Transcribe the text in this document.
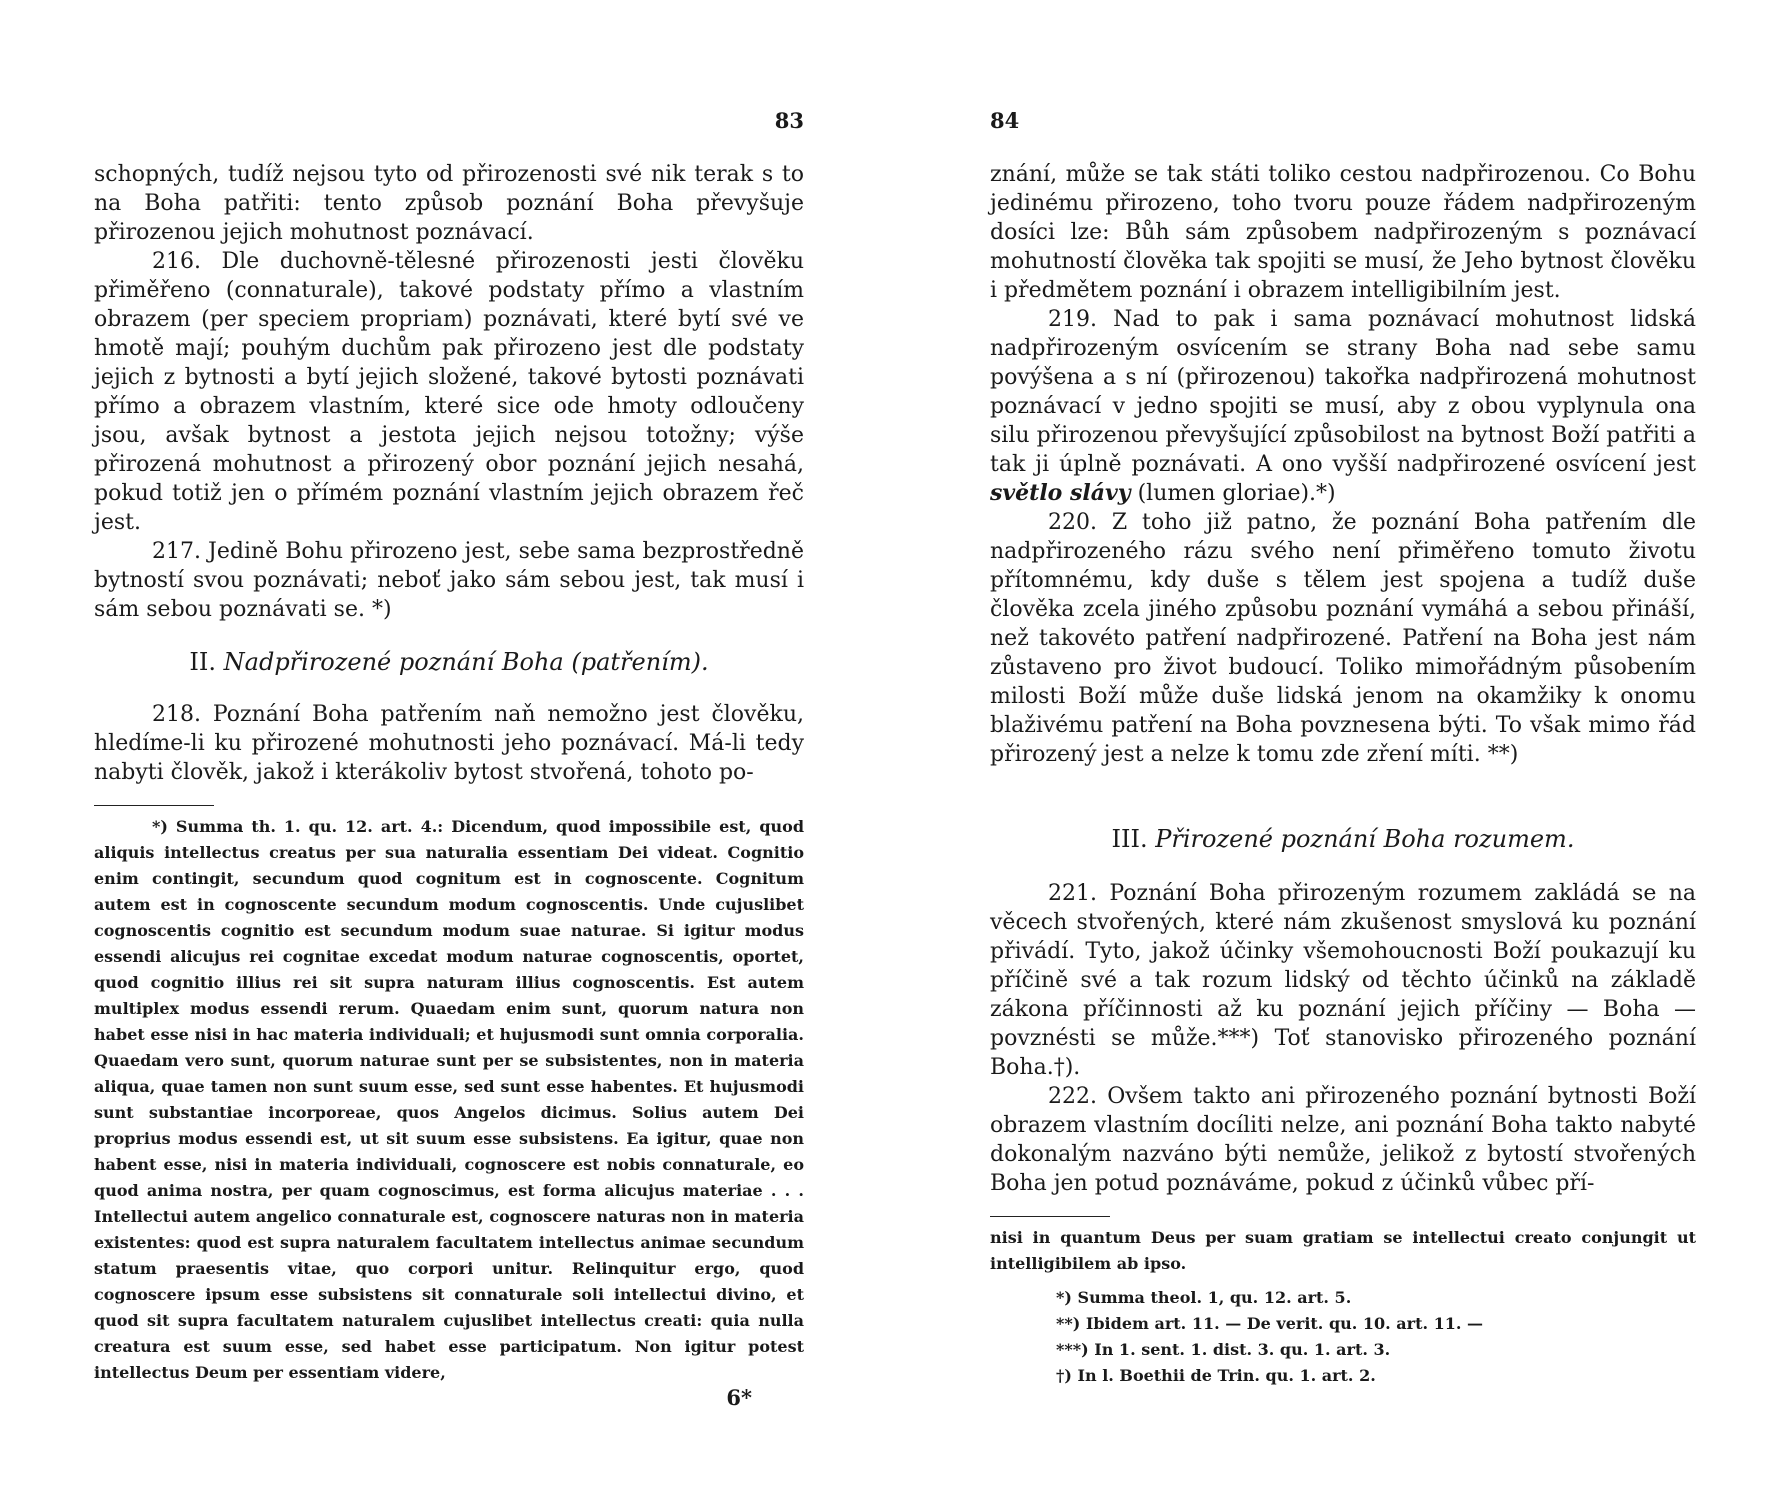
83

schopných, tudíž nejsou tyto od přirozenosti své nik terak s to na Boha patřiti: tento způsob poznání Boha převyšuje přirozenou jejich mohutnost poznávací.

216. Dle duchovně-tělesné přirozenosti jesti člověku přiměřeno (connaturale), takové podstaty přímo a vlastním obrazem (per speciem propriam) poznávati, které bytí své ve hmotě mají; pouhým duchům pak přirozeno jest dle podstaty jejich z bytnosti a bytí jejich složené, takové bytosti poznávati přímo a obrazem vlastním, které sice ode hmoty odloučeny jsou, avšak bytnost a jestota jejich nejsou totožny; výše přirozená mohutnost a přirozený obor poznání jejich nesahá, pokud totiž jen o přímém poznání vlastním jejich obrazem řeč jest.

217. Jedině Bohu přirozeno jest, sebe sama bezprostředně bytností svou poznávati; neboť jako sám sebou jest, tak musí i sám sebou poznávati se. *)

II. Nadpřirozené poznání Boha (patřením).

218. Poznání Boha patřením naň nemožno jest člověku, hledíme-li ku přirozené mohutnosti jeho poznávací. Má-li tedy nabyti člověk, jakož i kterákoliv bytost stvořená, tohoto po-

*) Summa th. 1. qu. 12. art. 4.: Dicendum, quod impossibile est, quod aliquis intellectus creatus per sua naturalia essentiam Dei videat. Cognitio enim contingit, secundum quod cognitum est in cognoscente. Cognitum autem est in cognoscente secundum modum cognoscentis. Unde cujuslibet cognoscentis cognitio est secundum modum suae naturae. Si igitur modus essendi alicujus rei cognitae excedat modum naturae cognoscentis, oportet, quod cognitio illius rei sit supra naturam illius cognoscentis. Est autem multiplex modus essendi rerum. Quaedam enim sunt, quorum natura non habet esse nisi in hac materia individuali; et hujusmodi sunt omnia corporalia. Quaedam vero sunt, quorum naturae sunt per se subsistentes, non in materia aliqua, quae tamen non sunt suum esse, sed sunt esse habentes. Et hujusmodi sunt substantiae incorporeae, quos Angelos dicimus. Solius autem Dei proprius modus essendi est, ut sit suum esse subsistens. Ea igitur, quae non habent esse, nisi in materia individuali, cognoscere est nobis connaturale, eo quod anima nostra, per quam cognoscimus, est forma alicujus materiae . . . Intellectui autem angelico connaturale est, cognoscere naturas non in materia existentes: quod est supra naturalem facultatem intellectus animae secundum statum praesentis vitae, quo corpori unitur. Relinquitur ergo, quod cognoscere ipsum esse subsistens sit connaturale soli intellectui divino, et quod sit supra facultatem naturalem cujuslibet intellectus creati: quia nulla creatura est suum esse, sed habet esse participatum. Non igitur potest intellectus Deum per essentiam videre,

6*
84

znání, může se tak státi toliko cestou nadpřirozenou. Co Bohu jedinému přirozeno, toho tvoru pouze řádem nadpřirozeným dosíci lze: Bůh sám způsobem nadpřirozeným s poznávací mohutností člověka tak spojiti se musí, že Jeho bytnost člověku i předmětem poznání i obrazem intelligibilním jest.

219. Nad to pak i sama poznávací mohutnost lidská nadpřirozeným osvícením se strany Boha nad sebe samu povýšena a s ní (přirozenou) takořka nadpřirozená mohutnost poznávací v jedno spojiti se musí, aby z obou vyplynula ona silu přirozenou převyšující způsobilost na bytnost Boží patřiti a tak ji úplně poznávati. A ono vyšší nadpřirozené osvícení jest světlo slávy (lumen gloriae).*)

220. Z toho již patno, že poznání Boha patřením dle nadpřirozeného rázu svého není přiměřeno tomuto životu přítomnému, kdy duše s tělem jest spojena a tudíž duše člověka zcela jiného způsobu poznání vymáhá a sebou přináší, než takovéto patření nadpřirozené. Patření na Boha jest nám zůstaveno pro život budoucí. Toliko mimořádným působením milosti Boží může duše lidská jenom na okamžiky k onomu blaživému patření na Boha povznesena býti. To však mimo řád přirozený jest a nelze k tomu zde zření míti. **)

III. Přirozené poznání Boha rozumem.

221. Poznání Boha přirozeným rozumem zakládá se na věcech stvořených, které nám zkušenost smyslová ku poznání přivádí. Tyto, jakož účinky všemohoucnosti Boží poukazují ku příčině své a tak rozum lidský od těchto účinků na základě zákona příčinnosti až ku poznání jejich příčiny — Boha — povznésti se může.***) Toť stanovisko přirozeného poznání Boha.†).

222. Ovšem takto ani přirozeného poznání bytnosti Boží obrazem vlastním docíliti nelze, ani poznání Boha takto nabyté dokonalým nazváno býti nemůže, jelikož z bytostí stvořených Boha jen potud poznáváme, pokud z účinků vůbec pří-

nisi in quantum Deus per suam gratiam se intellectui creato conjungit ut intelligibilem ab ipso.

*) Summa theol. 1, qu. 12. art. 5.

**) Ibidem art. 11. — De verit. qu. 10. art. 11. —

***) In 1. sent. 1. dist. 3. qu. 1. art. 3.

†) In l. Boethii de Trin. qu. 1. art. 2.
